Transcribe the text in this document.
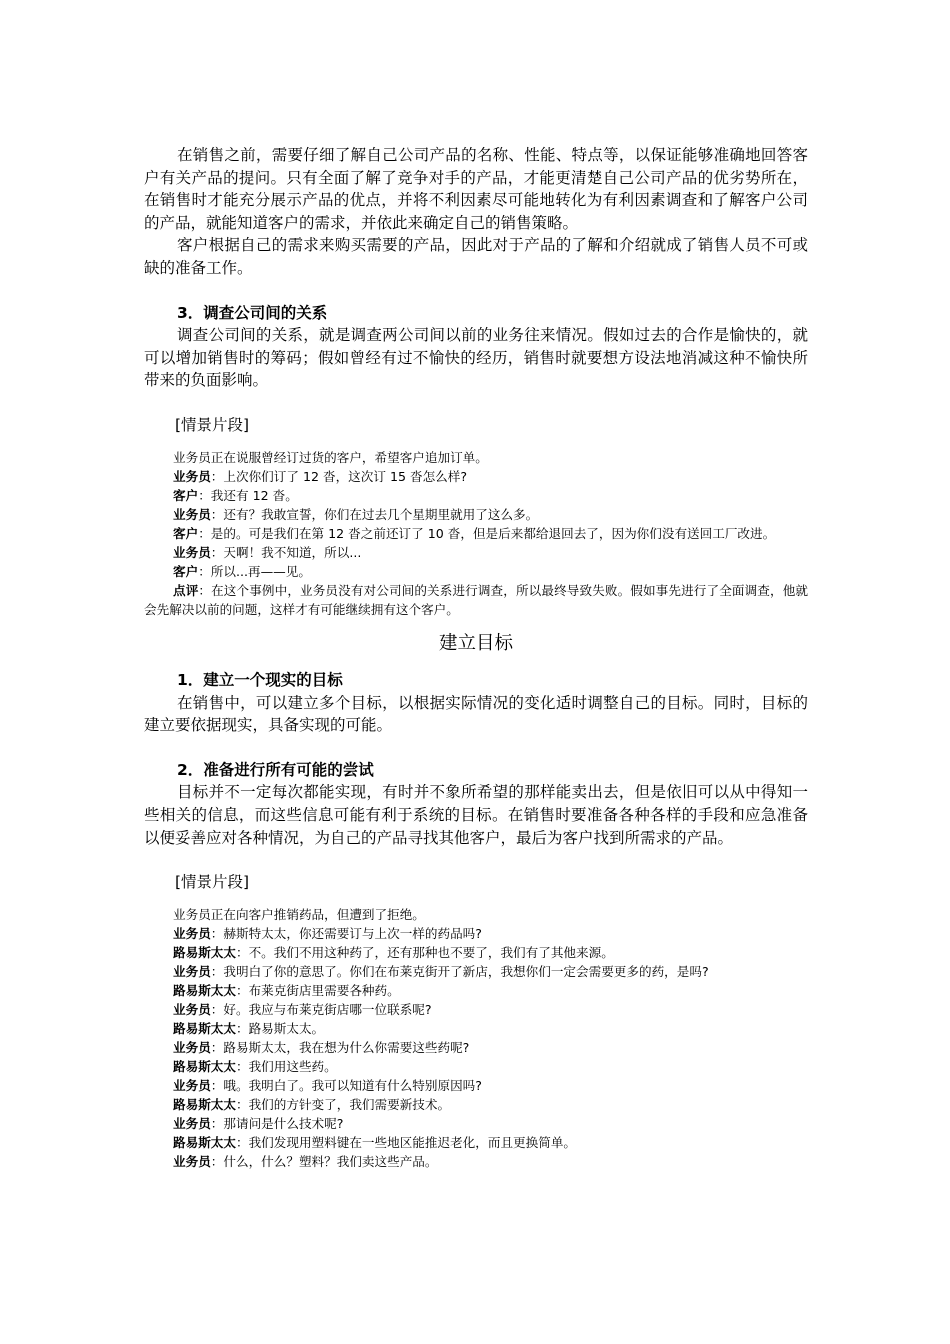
在销售之前，需要仔细了解自己公司产品的名称、性能、特点等，以保证能够准确地回答客户有关产品的提问。只有全面了解了竞争对手的产品，才能更清楚自己公司产品的优劣势所在，在销售时才能充分展示产品的优点，并将不利因素尽可能地转化为有利因素调查和了解客户公司的产品，就能知道客户的需求，并依此来确定自己的销售策略。

客户根据自己的需求来购买需要的产品，因此对于产品的了解和介绍就成了销售人员不可或缺的准备工作。

3．调查公司间的关系

调查公司间的关系，就是调查两公司间以前的业务往来情况。假如过去的合作是愉快的，就可以增加销售时的筹码；假如曾经有过不愉快的经历，销售时就要想方设法地消减这种不愉快所带来的负面影响。

[情景片段]

业务员正在说服曾经订过货的客户，希望客户追加订单。

业务员：上次你们订了 12 沓，这次订 15 沓怎么样?

客户：我还有 12 沓。

业务员：还有？我敢宣誓，你们在过去几个星期里就用了这么多。

客户：是的。可是我们在第 12 沓之前还订了 10 沓，但是后来都给退回去了，因为你们没有送回工厂改进。

业务员：天啊！我不知道，所以...

客户：所以...再——见。

点评：在这个事例中，业务员没有对公司间的关系进行调查，所以最终导致失败。假如事先进行了全面调查，他就会先解决以前的问题，这样才有可能继续拥有这个客户。

建立目标

1．建立一个现实的目标

在销售中，可以建立多个目标，以根据实际情况的变化适时调整自己的目标。同时，目标的建立要依据现实，具备实现的可能。

2．准备进行所有可能的尝试

目标并不一定每次都能实现，有时并不象所希望的那样能卖出去，但是依旧可以从中得知一些相关的信息，而这些信息可能有利于系统的目标。在销售时要准备各种各样的手段和应急准备以便妥善应对各种情况，为自己的产品寻找其他客户，最后为客户找到所需求的产品。

[情景片段]

业务员正在向客户推销药品，但遭到了拒绝。

业务员：赫斯特太太，你还需要订与上次一样的药品吗?

路易斯太太：不。我们不用这种药了，还有那种也不要了，我们有了其他来源。

业务员：我明白了你的意思了。你们在布莱克街开了新店，我想你们一定会需要更多的药，是吗?

路易斯太太：布莱克街店里需要各种药。

业务员：好。我应与布莱克街店哪一位联系呢?

路易斯太太：路易斯太太。

业务员：路易斯太太，我在想为什么你需要这些药呢?

路易斯太太：我们用这些药。

业务员：哦。我明白了。我可以知道有什么特别原因吗?

路易斯太太：我们的方针变了，我们需要新技术。

业务员：那请问是什么技术呢?

路易斯太太：我们发现用塑料键在一些地区能推迟老化，而且更换简单。

业务员：什么，什么？塑料？我们卖这些产品。
